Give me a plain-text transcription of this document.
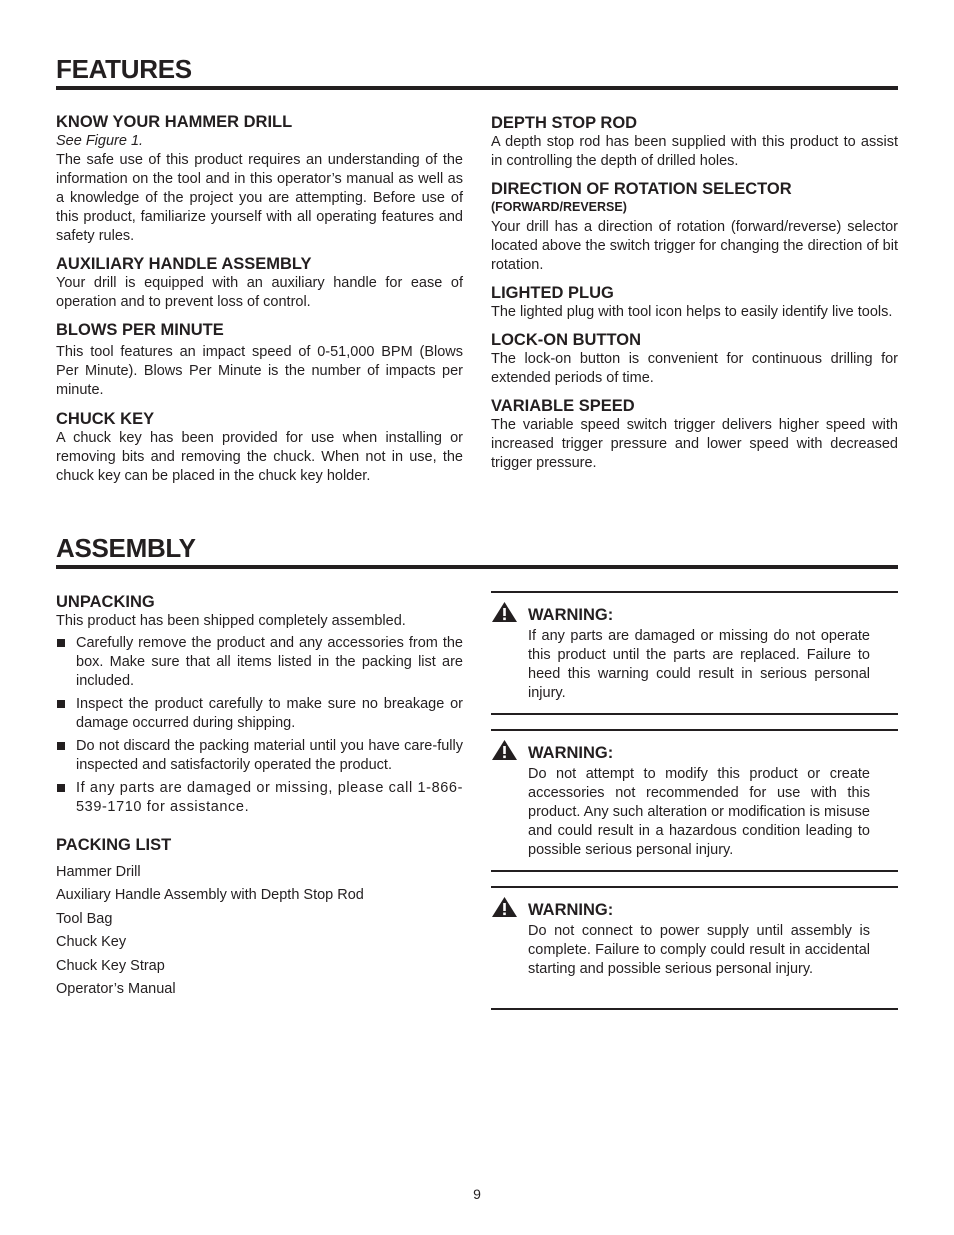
FEATURES
KNOW YOUR HAMMER DRILL

See Figure 1.

The safe use of this product requires an understanding of the information on the tool and in this operator’s manual as well as a knowledge of the project you are attempting. Before use of this product, familiarize yourself with all operating features and safety rules.

AUXILIARY HANDLE ASSEMBLY

Your drill is equipped with an auxiliary handle for ease of operation and to prevent loss of control.

BLOWS PER MINUTE

This tool features an impact speed of 0-51,000 BPM (Blows Per Minute). Blows Per Minute is the number of impacts per minute.

CHUCK KEY

A chuck key has been provided for use when installing or removing bits and removing the chuck. When not in use, the chuck key can be placed in the chuck key holder.

DEPTH STOP ROD

A depth stop rod has been supplied with this product to assist in controlling the depth of drilled holes.

DIRECTION OF ROTATION SELECTOR
(FORWARD/REVERSE)

Your drill has a direction of rotation (forward/reverse) selector located above the switch trigger for changing the direction of bit rotation.

LIGHTED PLUG

The lighted plug with tool icon helps to easily identify live tools.

LOCK-ON BUTTON

The lock-on button is convenient for continuous drilling for extended periods of time.

VARIABLE SPEED

The variable speed switch trigger delivers higher speed with increased trigger pressure and lower speed with decreased trigger pressure.

ASSEMBLY
UNPACKING

This product has been shipped completely assembled.

Carefully remove the product and any accessories from the box. Make sure that all items listed in the packing list are included.
Inspect the product carefully to make sure no breakage or damage occurred during shipping.
Do not discard the packing material until you have care-fully inspected and satisfactorily operated the product.
If any parts are damaged or missing, please call 1-866-539-1710 for assistance.
PACKING LIST
Hammer Drill
Auxiliary Handle Assembly with Depth Stop Rod
Tool Bag
Chuck Key
Chuck Key Strap
Operator’s Manual
WARNING:
If any parts are damaged or missing do not operate this product until the parts are replaced. Failure to heed this warning could result in serious personal injury.
WARNING:
Do not attempt to modify this product or create accessories not recommended for use with this product. Any such alteration or modification is misuse and could result in a hazardous condition leading to possible serious personal injury.
WARNING:
Do not connect to power supply until assembly is complete. Failure to comply could result in accidental starting and possible serious personal injury.
9
